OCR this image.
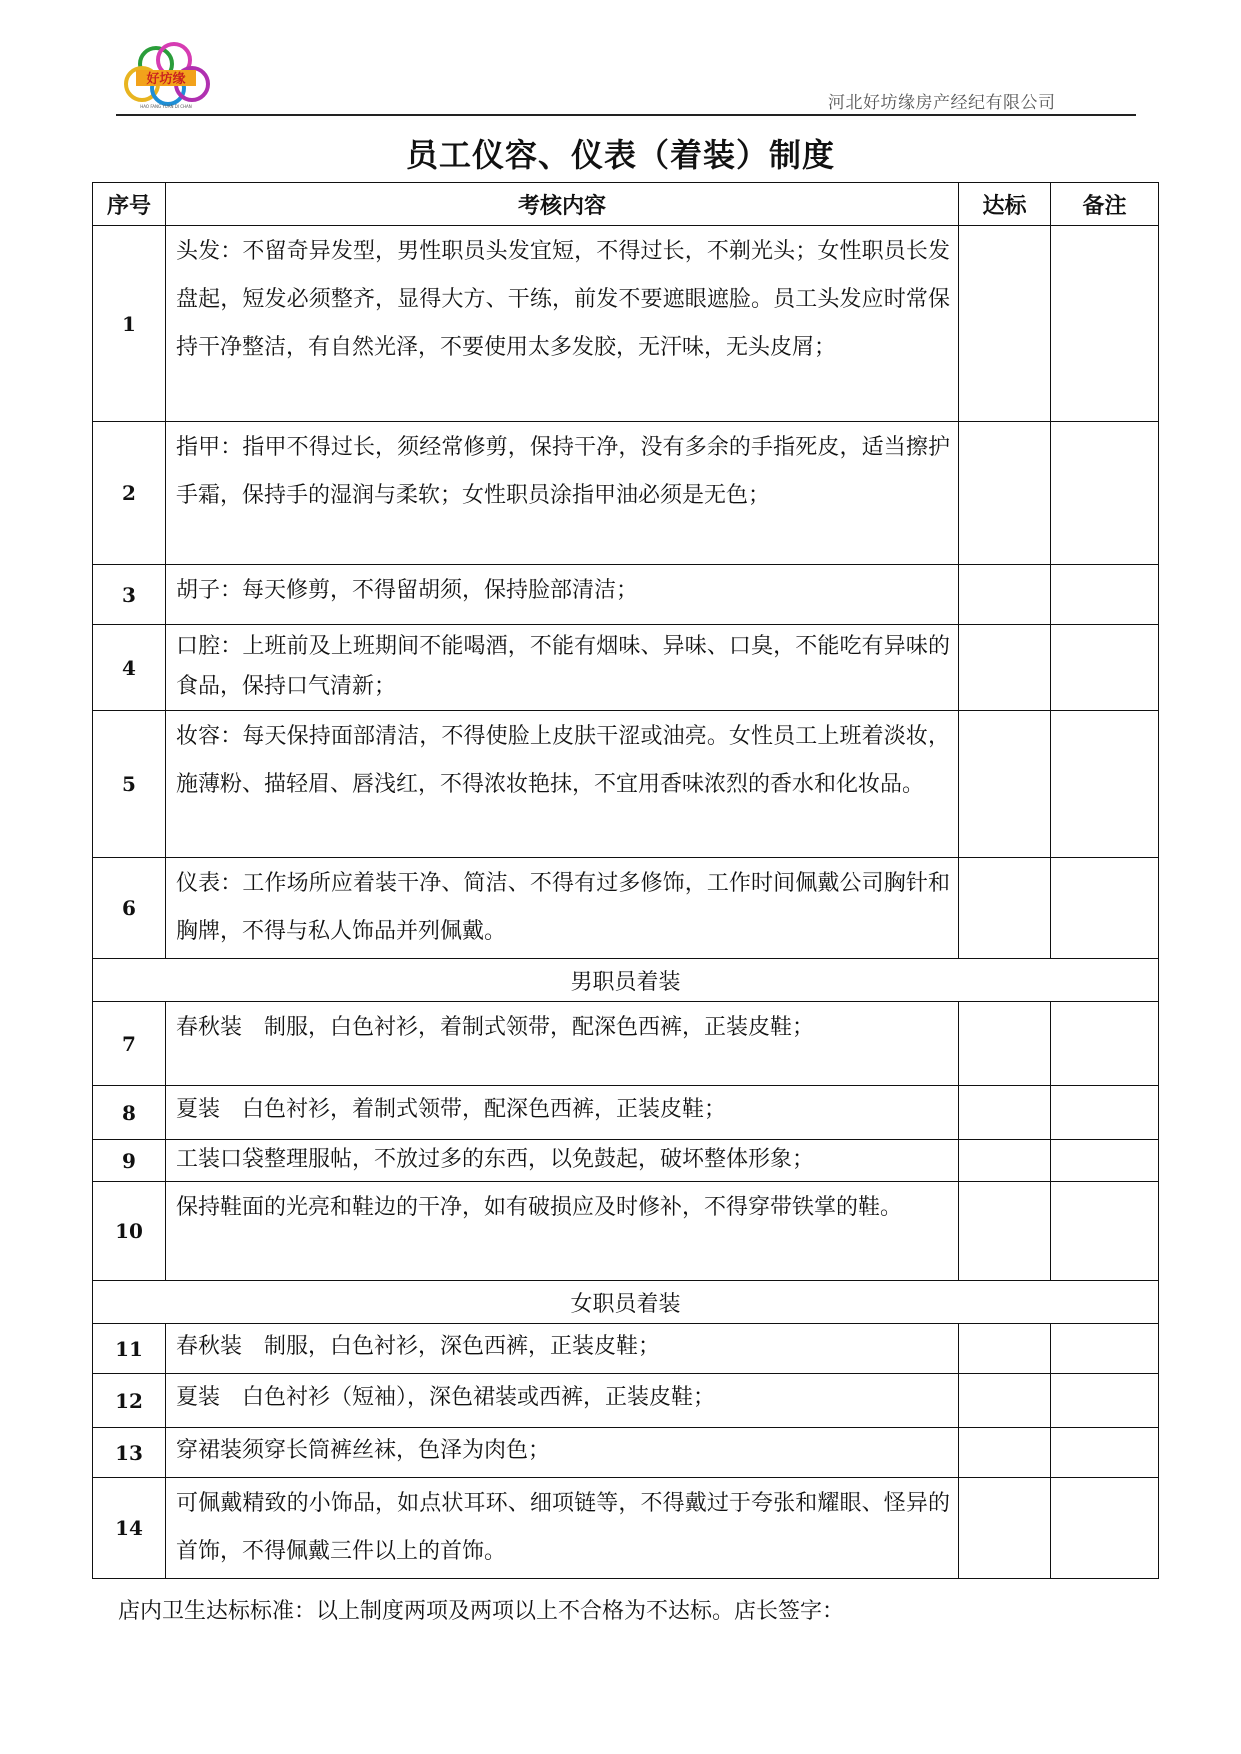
好坊缘
HAO FANG YUAN DI CHAN	河北好坊缘房产经纪有限公司
员工仪容、仪表（着装）制度
序号	考核内容	达标	备注
1	头发：不留奇异发型，男性职员头发宜短，不得过长，不剃光头；女性职员长发盘起，短发必须整齐，显得大方、干练，前发不要遮眼遮脸。员工头发应时常保持干净整洁，有自然光泽，不要使用太多发胶，无汗味，无头皮屑；		
2	指甲：指甲不得过长，须经常修剪，保持干净，没有多余的手指死皮，适当擦护手霜，保持手的湿润与柔软；女性职员涂指甲油必须是无色；		
3	胡子：每天修剪，不得留胡须，保持脸部清洁；		
4	口腔：上班前及上班期间不能喝酒，不能有烟味、异味、口臭，不能吃有异味的食品，保持口气清新；		
5	妆容：每天保持面部清洁，不得使脸上皮肤干涩或油亮。女性员工上班着淡妆，施薄粉、描轻眉、唇浅红，不得浓妆艳抹，不宜用香味浓烈的香水和化妆品。		
6	仪表：工作场所应着装干净、简洁、不得有过多修饰，工作时间佩戴公司胸针和胸牌，不得与私人饰品并列佩戴。		
男职员着装			
7	春秋装　制服，白色衬衫，着制式领带，配深色西裤，正装皮鞋；		
8	夏装　白色衬衫，着制式领带，配深色西裤，正装皮鞋；		
9	工装口袋整理服帖，不放过多的东西，以免鼓起，破坏整体形象；		
10	保持鞋面的光亮和鞋边的干净，如有破损应及时修补，不得穿带铁掌的鞋。		
女职员着装			
11	春秋装　制服，白色衬衫，深色西裤，正装皮鞋；		
12	夏装　白色衬衫（短袖），深色裙装或西裤，正装皮鞋；		
13	穿裙装须穿长筒裤丝袜，色泽为肉色；		
14	可佩戴精致的小饰品，如点状耳环、细项链等，不得戴过于夸张和耀眼、怪异的首饰，不得佩戴三件以上的首饰。		
店内卫生达标标准：以上制度两项及两项以上不合格为不达标。店长签字：
